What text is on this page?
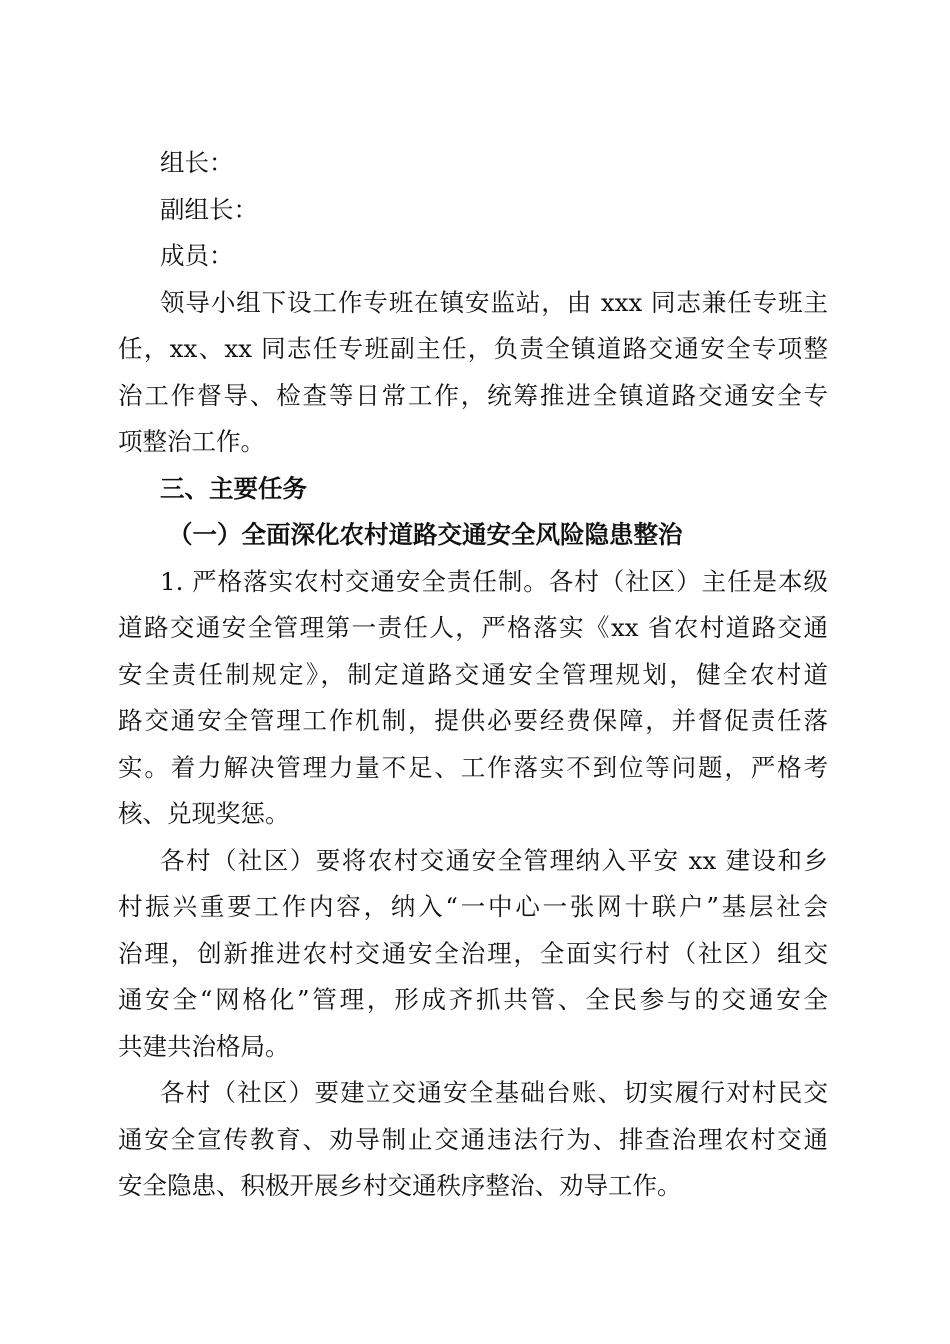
组长：

副组长：

成员：

领导小组下设工作专班在镇安监站，由 xxx 同志兼任专班主

任，xx、xx 同志任专班副主任，负责全镇道路交通安全专项整

治工作督导、检查等日常工作，统筹推进全镇道路交通安全专

项整治工作。

三、主要任务

（一）全面深化农村道路交通安全风险隐患整治

1. 严格落实农村交通安全责任制。各村（社区）主任是本级

道路交通安全管理第一责任人，严格落实《xx 省农村道路交通

安全责任制规定》，制定道路交通安全管理规划，健全农村道

路交通安全管理工作机制，提供必要经费保障，并督促责任落

实。着力解决管理力量不足、工作落实不到位等问题，严格考

核、兑现奖惩。

各村（社区）要将农村交通安全管理纳入平安 xx 建设和乡

村振兴重要工作内容，纳入“一中心一张网十联户”基层社会

治理，创新推进农村交通安全治理，全面实行村（社区）组交

通安全“网格化”管理，形成齐抓共管、全民参与的交通安全

共建共治格局。

各村（社区）要建立交通安全基础台账、切实履行对村民交

通安全宣传教育、劝导制止交通违法行为、排查治理农村交通

安全隐患、积极开展乡村交通秩序整治、劝导工作。
